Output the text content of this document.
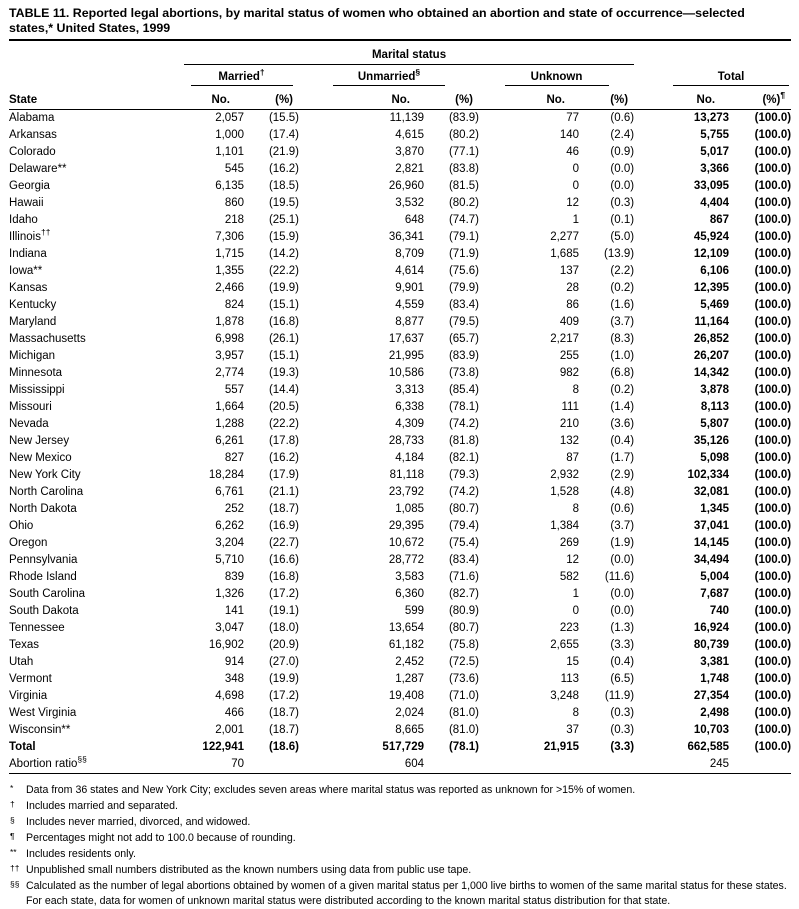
TABLE 11. Reported legal abortions, by marital status of women who obtained an abortion and state of occurrence—selected states,* United States, 1999
	Marital status							

	Married†		Unmarried§		Unknown		Total	

State	No.	(%)	No.	(%)	No.	(%)	No.	(%)¶
Alabama	2,057	(15.5)	11,139	(83.9)	77	(0.6)	13,273	(100.0)
Arkansas	1,000	(17.4)	4,615	(80.2)	140	(2.4)	5,755	(100.0)
Colorado	1,101	(21.9)	3,870	(77.1)	46	(0.9)	5,017	(100.0)
Delaware**	545	(16.2)	2,821	(83.8)	0	(0.0)	3,366	(100.0)
Georgia	6,135	(18.5)	26,960	(81.5)	0	(0.0)	33,095	(100.0)
Hawaii	860	(19.5)	3,532	(80.2)	12	(0.3)	4,404	(100.0)
Idaho	218	(25.1)	648	(74.7)	1	(0.1)	867	(100.0)
Illinois††	7,306	(15.9)	36,341	(79.1)	2,277	(5.0)	45,924	(100.0)
Indiana	1,715	(14.2)	8,709	(71.9)	1,685	(13.9)	12,109	(100.0)
Iowa**	1,355	(22.2)	4,614	(75.6)	137	(2.2)	6,106	(100.0)
Kansas	2,466	(19.9)	9,901	(79.9)	28	(0.2)	12,395	(100.0)
Kentucky	824	(15.1)	4,559	(83.4)	86	(1.6)	5,469	(100.0)
Maryland	1,878	(16.8)	8,877	(79.5)	409	(3.7)	11,164	(100.0)
Massachusetts	6,998	(26.1)	17,637	(65.7)	2,217	(8.3)	26,852	(100.0)
Michigan	3,957	(15.1)	21,995	(83.9)	255	(1.0)	26,207	(100.0)
Minnesota	2,774	(19.3)	10,586	(73.8)	982	(6.8)	14,342	(100.0)
Mississippi	557	(14.4)	3,313	(85.4)	8	(0.2)	3,878	(100.0)
Missouri	1,664	(20.5)	6,338	(78.1)	111	(1.4)	8,113	(100.0)
Nevada	1,288	(22.2)	4,309	(74.2)	210	(3.6)	5,807	(100.0)
New Jersey	6,261	(17.8)	28,733	(81.8)	132	(0.4)	35,126	(100.0)
New Mexico	827	(16.2)	4,184	(82.1)	87	(1.7)	5,098	(100.0)
New York City	18,284	(17.9)	81,118	(79.3)	2,932	(2.9)	102,334	(100.0)
North Carolina	6,761	(21.1)	23,792	(74.2)	1,528	(4.8)	32,081	(100.0)
North Dakota	252	(18.7)	1,085	(80.7)	8	(0.6)	1,345	(100.0)
Ohio	6,262	(16.9)	29,395	(79.4)	1,384	(3.7)	37,041	(100.0)
Oregon	3,204	(22.7)	10,672	(75.4)	269	(1.9)	14,145	(100.0)
Pennsylvania	5,710	(16.6)	28,772	(83.4)	12	(0.0)	34,494	(100.0)
Rhode Island	839	(16.8)	3,583	(71.6)	582	(11.6)	5,004	(100.0)
South Carolina	1,326	(17.2)	6,360	(82.7)	1	(0.0)	7,687	(100.0)
South Dakota	141	(19.1)	599	(80.9)	0	(0.0)	740	(100.0)
Tennessee	3,047	(18.0)	13,654	(80.7)	223	(1.3)	16,924	(100.0)
Texas	16,902	(20.9)	61,182	(75.8)	2,655	(3.3)	80,739	(100.0)
Utah	914	(27.0)	2,452	(72.5)	15	(0.4)	3,381	(100.0)
Vermont	348	(19.9)	1,287	(73.6)	113	(6.5)	1,748	(100.0)
Virginia	4,698	(17.2)	19,408	(71.0)	3,248	(11.9)	27,354	(100.0)
West Virginia	466	(18.7)	2,024	(81.0)	8	(0.3)	2,498	(100.0)
Wisconsin**	2,001	(18.7)	8,665	(81.0)	37	(0.3)	10,703	(100.0)
Total	122,941	(18.6)	517,729	(78.1)	21,915	(3.3)	662,585	(100.0)
Abortion ratio§§	70		604				245	
* Data from 36 states and New York City; excludes seven areas where marital status was reported as unknown for >15% of women.
† Includes married and separated.
§ Includes never married, divorced, and widowed.
¶ Percentages might not add to 100.0 because of rounding.
** Includes residents only.
†† Unpublished small numbers distributed as the known numbers using data from public use tape.
§§ Calculated as the number of legal abortions obtained by women of a given marital status per 1,000 live births to women of the same marital status for these states. For each state, data for women of unknown marital status were distributed according to the known marital status distribution for that state.
